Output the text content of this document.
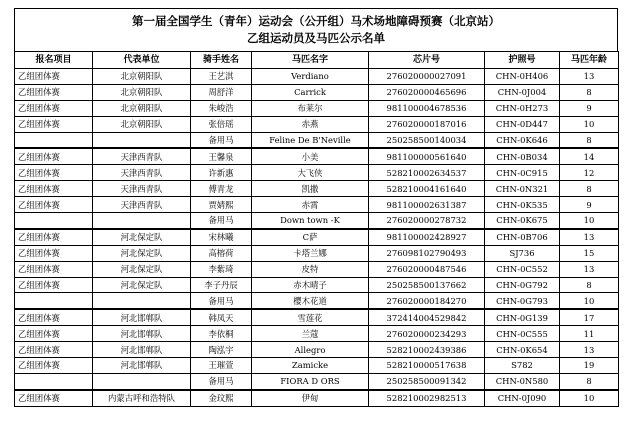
第一届全国学生（青年）运动会（公开组）马术场地障碍预赛（北京站）
乙组运动员及马匹公示名单
报名项目	代表单位	骑手姓名	马匹名字	芯片号	护照号	马匹年龄
乙组团体赛	北京朝阳队	王艺淇	Verdiano	276020000027091	CHN-0H406	13
乙组团体赛	北京朝阳队	周舒洋	Carrick	276020000465696	CHN-0J004	8
乙组团体赛	北京朝阳队	朱峻浩	布莱尔	981100004678536	CHN-0H273	9
乙组团体赛	北京朝阳队	张倍瑶	赤燕	276020000187016	CHN-0D447	10
		备用马	Feline De B'Neville	250258500140034	CHN-0K646	8
乙组团体赛	天津西青队	王馨泉	小美	981100000561640	CHN-0B034	14
乙组团体赛	天津西青队	许新惠	大飞侠	528210002634537	CHN-0C915	12
乙组团体赛	天津西青队	傅青龙	凯撒	528210004161640	CHN-0N321	8
乙组团体赛	天津西青队	贾婧熙	赤霄	981100002631387	CHN-0K535	9
		备用马	Down town -K	276020000278732	CHN-0K675	10
乙组团体赛	河北保定队	宋林曦	C萨	981100002428927	CHN-0B706	13
乙组团体赛	河北保定队	高榕荷	卡塔兰娜	276098102790493	SJ736	15
乙组团体赛	河北保定队	李紫琦	皮特	276020000487546	CHN-0C552	13
乙组团体赛	河北保定队	李子丹辰	赤木晴子	250258500137662	CHN-0G792	8
		备用马	樱木花道	276020000184270	CHN-0G793	10
乙组团体赛	河北邯郸队	韩凤天	雪莲花	372414004529842	CHN-0G139	17
乙组团体赛	河北邯郸队	李依桐	兰蔻	276020000234293	CHN-0C555	11
乙组团体赛	河北邯郸队	陶泓宇	Allegro	528210002439386	CHN-0K654	13
乙组团体赛	河北邯郸队	王璀萱	Zamicke	528210000517638	S782	19
		备用马	FIORA D ORS	250258500091342	CHN-0N580	8
乙组团体赛	内蒙古呼和浩特队	金玟熙	伊甸	528210002982513	CHN-0J090	10
